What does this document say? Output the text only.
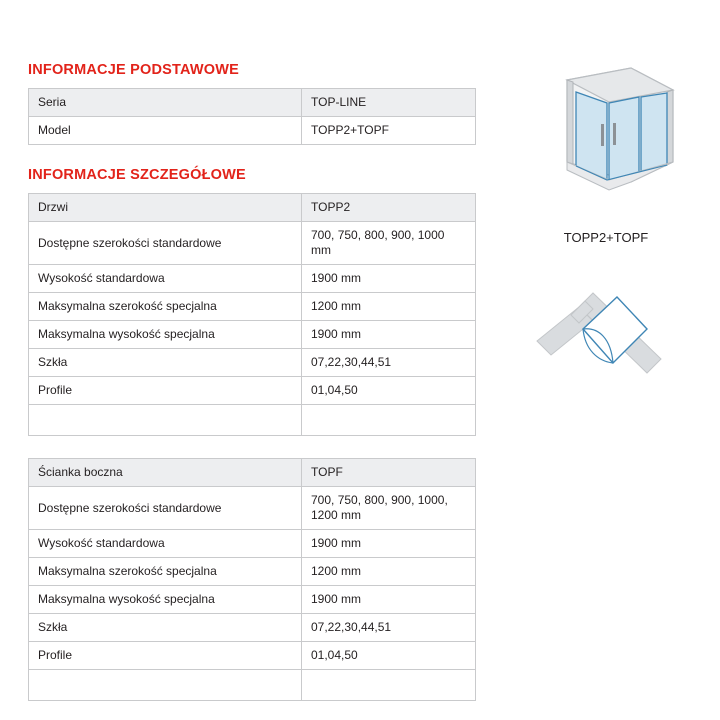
INFORMACJE PODSTAWOWE
Seria	TOP-LINE
Model	TOPP2+TOPF
INFORMACJE SZCZEGÓŁOWE
Drzwi	TOPP2
Dostępne szerokości standardowe	700, 750, 800, 900, 1000 mm
Wysokość standardowa	1900 mm
Maksymalna szerokość specjalna	1200 mm
Maksymalna wysokość specjalna	1900 mm
Szkła	07,22,30,44,51
Profile	01,04,50

Ścianka boczna	TOPF
Dostępne szerokości standardowe	700, 750, 800, 900, 1000, 1200 mm
Wysokość standardowa	1900 mm
Maksymalna szerokość specjalna	1200 mm
Maksymalna wysokość specjalna	1900 mm
Szkła	07,22,30,44,51
Profile	01,04,50

TOPP2+TOPF
